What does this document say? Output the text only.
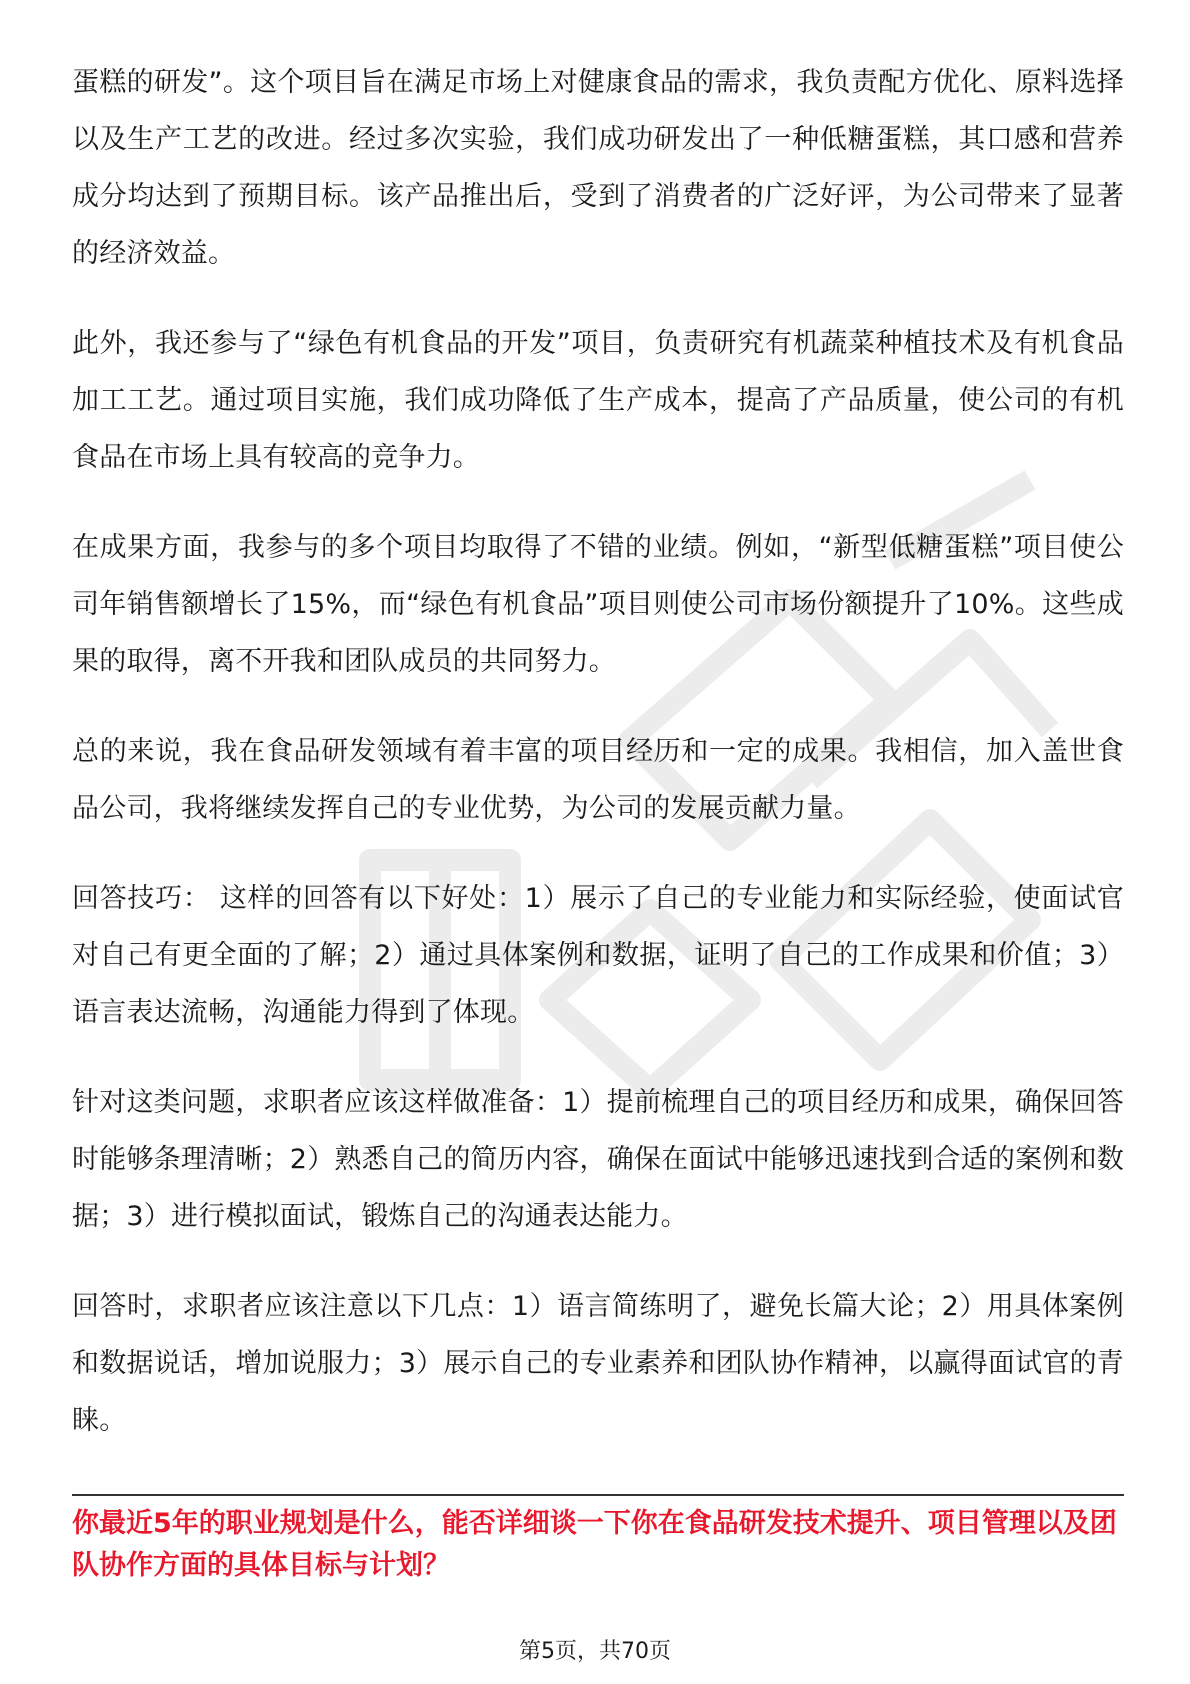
蛋糕的研发”。这个项目旨在满足市场上对健康食品的需求，我负责配方优化、原料选择以及生产工艺的改进。经过多次实验，我们成功研发出了一种低糖蛋糕，其口感和营养成分均达到了预期目标。该产品推出后，受到了消费者的广泛好评，为公司带来了显著的经济效益。

此外，我还参与了“绿色有机食品的开发”项目，负责研究有机蔬菜种植技术及有机食品加工工艺。通过项目实施，我们成功降低了生产成本，提高了产品质量，使公司的有机食品在市场上具有较高的竞争力。

在成果方面，我参与的多个项目均取得了不错的业绩。例如，“新型低糖蛋糕”项目使公司年销售额增长了15%，而“绿色有机食品”项目则使公司市场份额提升了10%。这些成果的取得，离不开我和团队成员的共同努力。

总的来说，我在食品研发领域有着丰富的项目经历和一定的成果。我相信，加入盖世食品公司，我将继续发挥自己的专业优势，为公司的发展贡献力量。

回答技巧： 这样的回答有以下好处：1）展示了自己的专业能力和实际经验，使面试官对自己有更全面的了解；2）通过具体案例和数据，证明了自己的工作成果和价值；3）语言表达流畅，沟通能力得到了体现。

针对这类问题，求职者应该这样做准备：1）提前梳理自己的项目经历和成果，确保回答时能够条理清晰；2）熟悉自己的简历内容，确保在面试中能够迅速找到合适的案例和数据；3）进行模拟面试，锻炼自己的沟通表达能力。

回答时，求职者应该注意以下几点：1）语言简练明了，避免长篇大论；2）用具体案例和数据说话，增加说服力；3）展示自己的专业素养和团队协作精神，以赢得面试官的青睐。

你最近5年的职业规划是什么，能否详细谈一下你在食品研发技术提升、项目管理以及团队协作方面的具体目标与计划？
第5页，共70页
